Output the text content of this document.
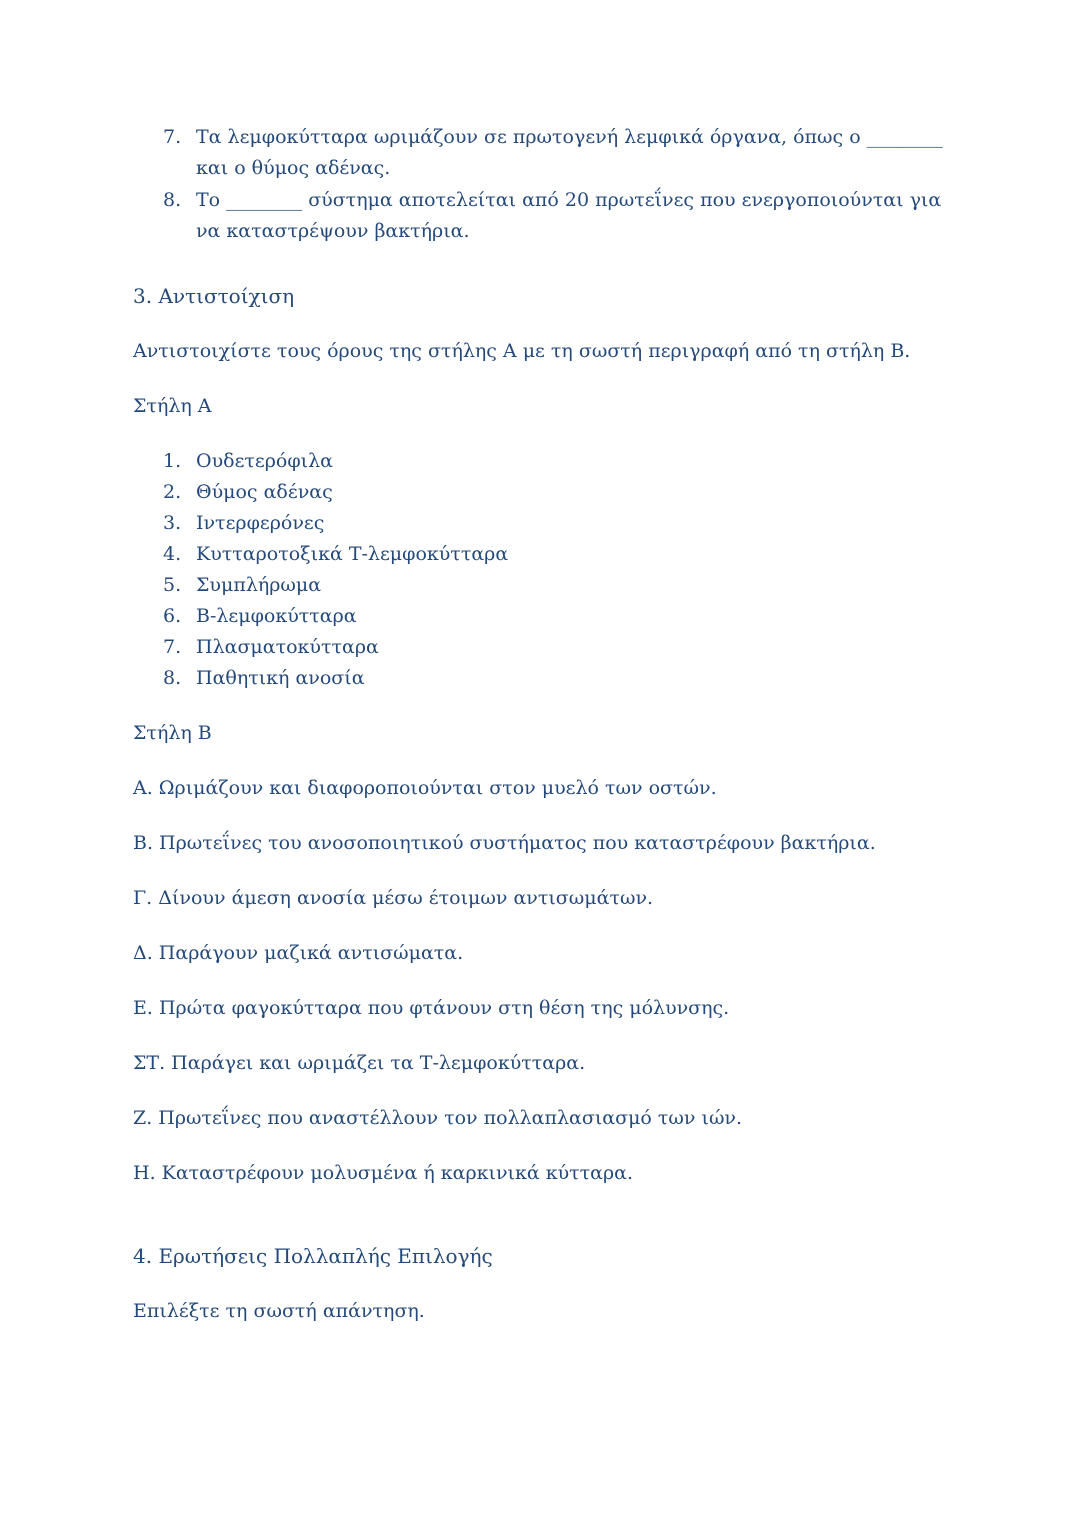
7. Τα λεμφοκύτταρα ωριμάζουν σε πρωτογενή λεμφικά όργανα, όπως ο ________ και ο θύμος αδένας.
8. Το ________ σύστημα αποτελείται από 20 πρωτεΐνες που ενεργοποιούνται για να καταστρέψουν βακτήρια.
3. Αντιστοίχιση

Αντιστοιχίστε τους όρους της στήλης Α με τη σωστή περιγραφή από τη στήλη Β.

Στήλη Α

1. Ουδετερόφιλα
2. Θύμος αδένας
3. Ιντερφερόνες
4. Κυτταροτοξικά Τ-λεμφοκύτταρα
5. Συμπλήρωμα
6. Β-λεμφοκύτταρα
7. Πλασματοκύτταρα
8. Παθητική ανοσία

Στήλη Β

Α. Ωριμάζουν και διαφοροποιούνται στον μυελό των οστών.

Β. Πρωτεΐνες του ανοσοποιητικού συστήματος που καταστρέφουν βακτήρια.

Γ. Δίνουν άμεση ανοσία μέσω έτοιμων αντισωμάτων.

Δ. Παράγουν μαζικά αντισώματα.

Ε. Πρώτα φαγοκύτταρα που φτάνουν στη θέση της μόλυνσης.

ΣΤ. Παράγει και ωριμάζει τα Τ-λεμφοκύτταρα.

Ζ. Πρωτεΐνες που αναστέλλουν τον πολλαπλασιασμό των ιών.

Η. Καταστρέφουν μολυσμένα ή καρκινικά κύτταρα.

4. Ερωτήσεις Πολλαπλής Επιλογής

Επιλέξτε τη σωστή απάντηση.
